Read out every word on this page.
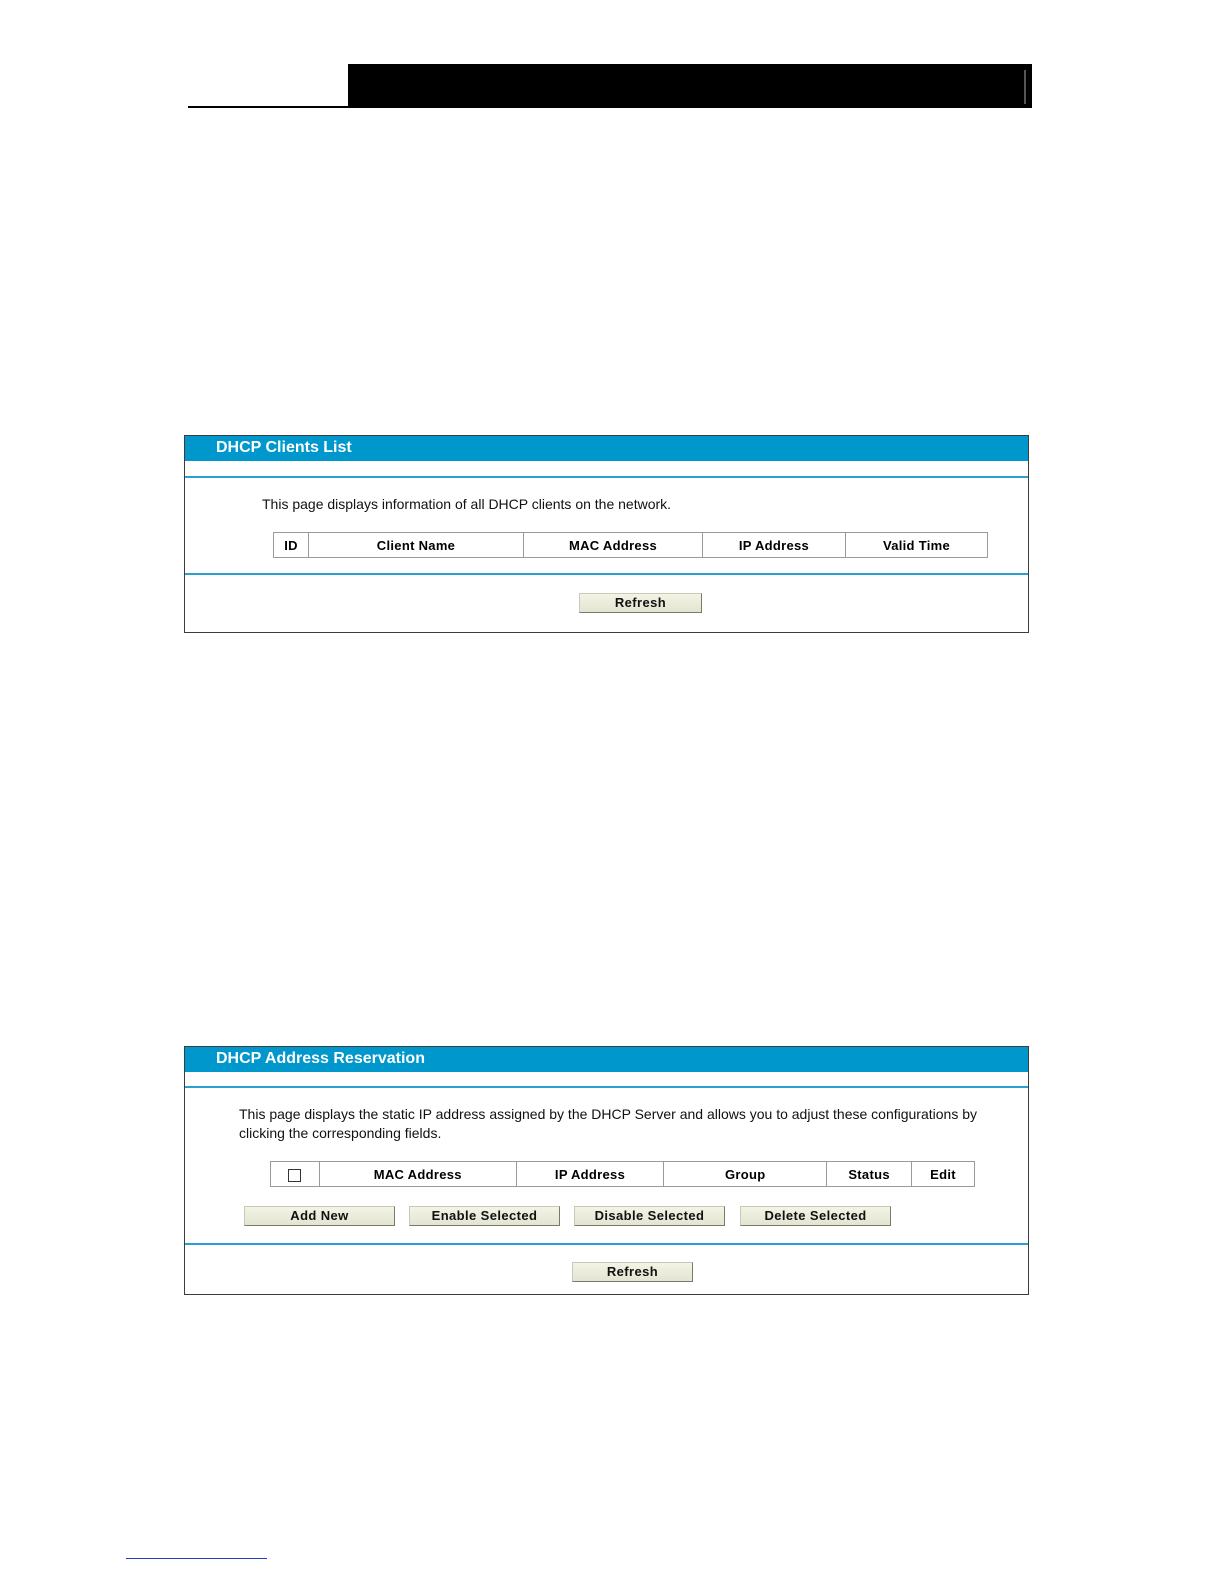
DHCP Clients List
This page displays information of all DHCP clients on the network.
ID	Client Name	MAC Address	IP Address	Valid Time
Refresh
DHCP Address Reservation
This page displays the static IP address assigned by the DHCP Server and allows you to adjust these configurations by
clicking the corresponding fields.
	MAC Address	IP Address	Group	Status	Edit
Add New	Enable Selected	Disable Selected	Delete Selected
Refresh
